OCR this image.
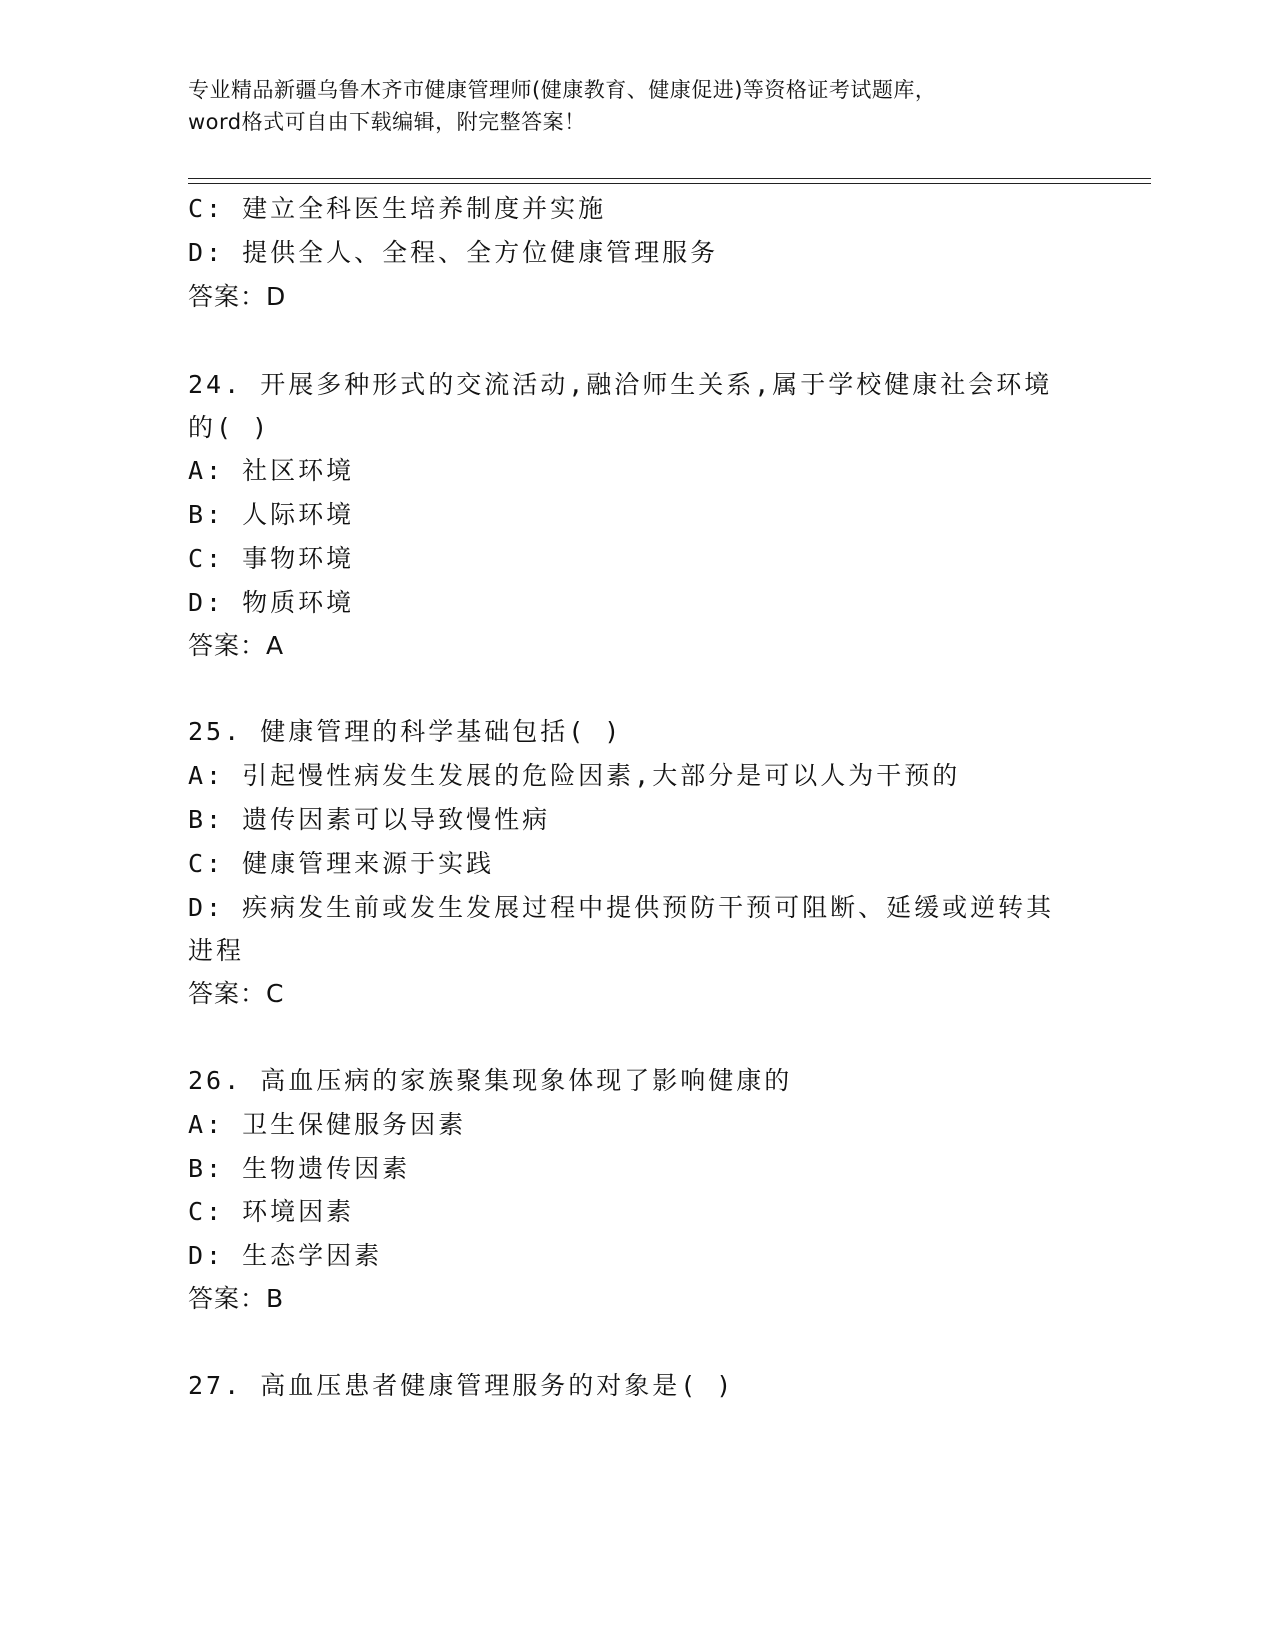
专业精品新疆乌鲁木齐市健康管理师(健康教育、健康促进)等资格证考试题库，
word格式可自由下载编辑，附完整答案！
C: 建立全科医生培养制度并实施
D: 提供全人、全程、全方位健康管理服务
答案：D
24. 开展多种形式的交流活动,融洽师生关系,属于学校健康社会环境
的( )
A: 社区环境
B: 人际环境
C: 事物环境
D: 物质环境
答案：A
25. 健康管理的科学基础包括( )
A: 引起慢性病发生发展的危险因素,大部分是可以人为干预的
B: 遗传因素可以导致慢性病
C: 健康管理来源于实践
D: 疾病发生前或发生发展过程中提供预防干预可阻断、延缓或逆转其
进程
答案：C
26. 高血压病的家族聚集现象体现了影响健康的
A: 卫生保健服务因素
B: 生物遗传因素
C: 环境因素
D: 生态学因素
答案：B
27. 高血压患者健康管理服务的对象是( )
